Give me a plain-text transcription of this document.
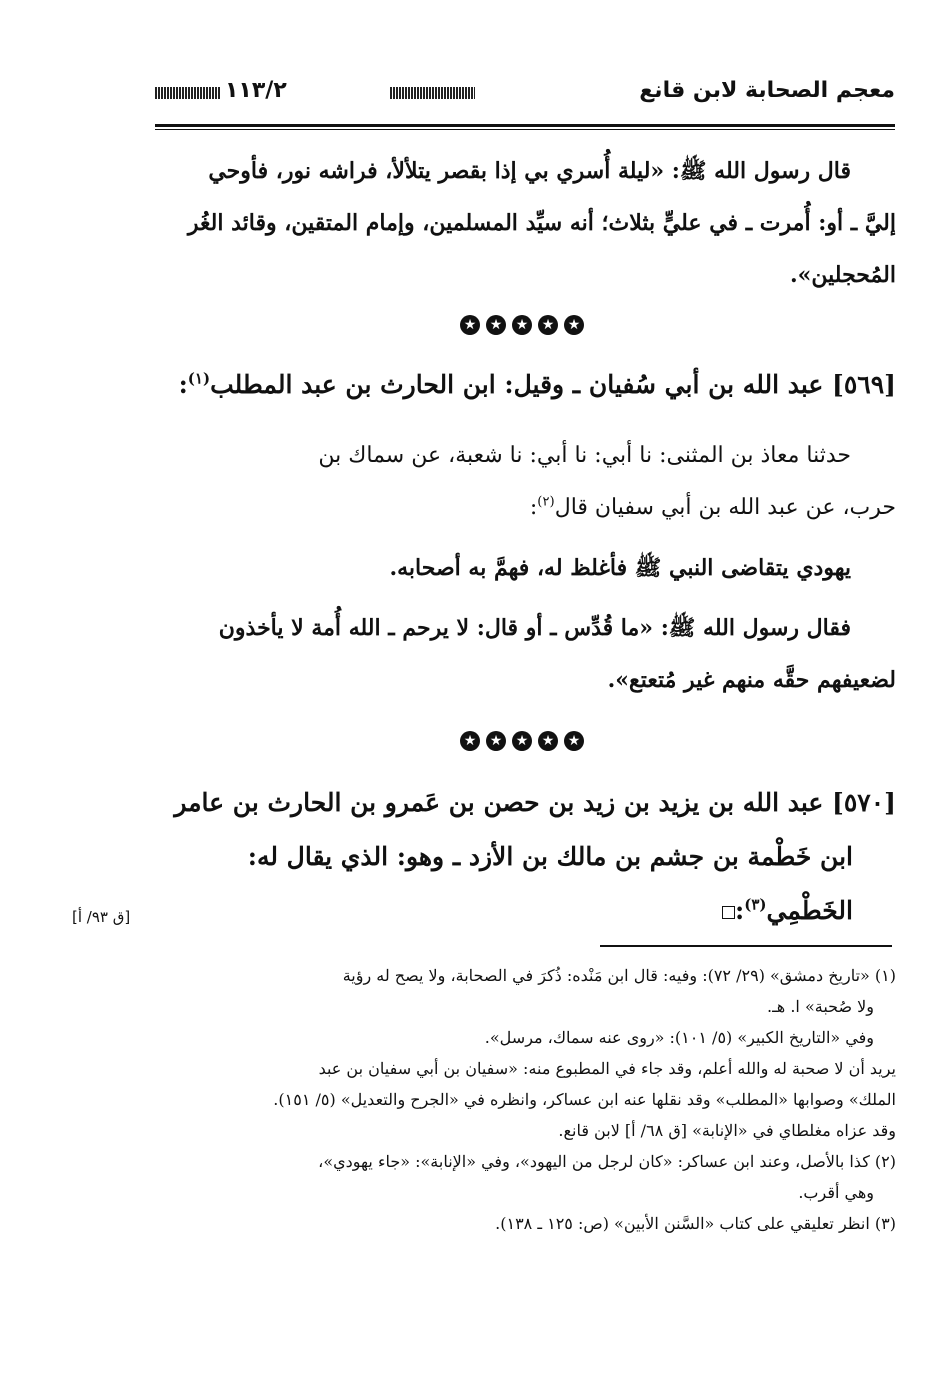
معجم الصحابة لابن قانع
١١٣/٢
قال رسول الله ﷺ: «ليلة أُسري بي إذا بقصر يتلألأ، فراشه نور، فأوحي
إليَّ ـ أو: أُمرت ـ في عليٍّ بثلاث؛ أنه سيِّد المسلمين، وإمام المتقين، وقائد الغُر
المُحجلين».
★ ★ ★ ★ ★
[٥٦٩] عبد الله بن أبي سُفيان ـ وقيل: ابن الحارث بن عبد المطلب$^{(١)}$:
حدثنا معاذ بن المثنى: نا أبي: نا أبي: نا شعبة، عن سماك بن
حرب، عن عبد الله بن أبي سفيان قال$^{(٢)}$:
يهودي يتقاضى النبي ﷺ فأغلظ له، فهمَّ به أصحابه.
فقال رسول الله ﷺ: «ما قُدِّس ـ أو قال: لا يرحم ـ الله أُمة لا يأخذون
لضعيفهم حقَّه منهم غير مُتعتع».
★ ★ ★ ★ ★
[٥٧٠] عبد الله بن يزيد بن زيد بن حصن بن عَمرو بن الحارث بن عامر
ابن خَطْمة بن جشم بن مالك بن الأزد ـ وهو: الذي يقال له:
الخَطْمِي$^{(٣)}$:
[ق ٩٣/ أ]
(١) «تاريخ دمشق» (٢٩/ ٧٢): وفيه: قال ابن مَنْده: ذُكرَ في الصحابة، ولا يصح له رؤية
ولا صُحبة» ا. هـ.
وفي «التاريخ الكبير» (٥/ ١٠١): «روى عنه سماك، مرسل».
يريد أن لا صحبة له والله أعلم، وقد جاء في المطبوع منه: «سفيان بن أبي سفيان بن عبد
الملك» وصوابها «المطلب» وقد نقلها عنه ابن عساكر، وانظره في «الجرح والتعديل» (٥/ ١٥١).
وقد عزاه مغلطاي في «الإنابة» [ق ٦٨/ أ] لابن قانع.
(٢) كذا بالأصل، وعند ابن عساكر: «كان لرجل من اليهود»، وفي «الإنابة»: «جاء يهودي»،
وهي أقرب.
(٣) انظر تعليقي على كتاب «السَّنن الأبين» (ص: ١٢٥ ـ ١٣٨).
